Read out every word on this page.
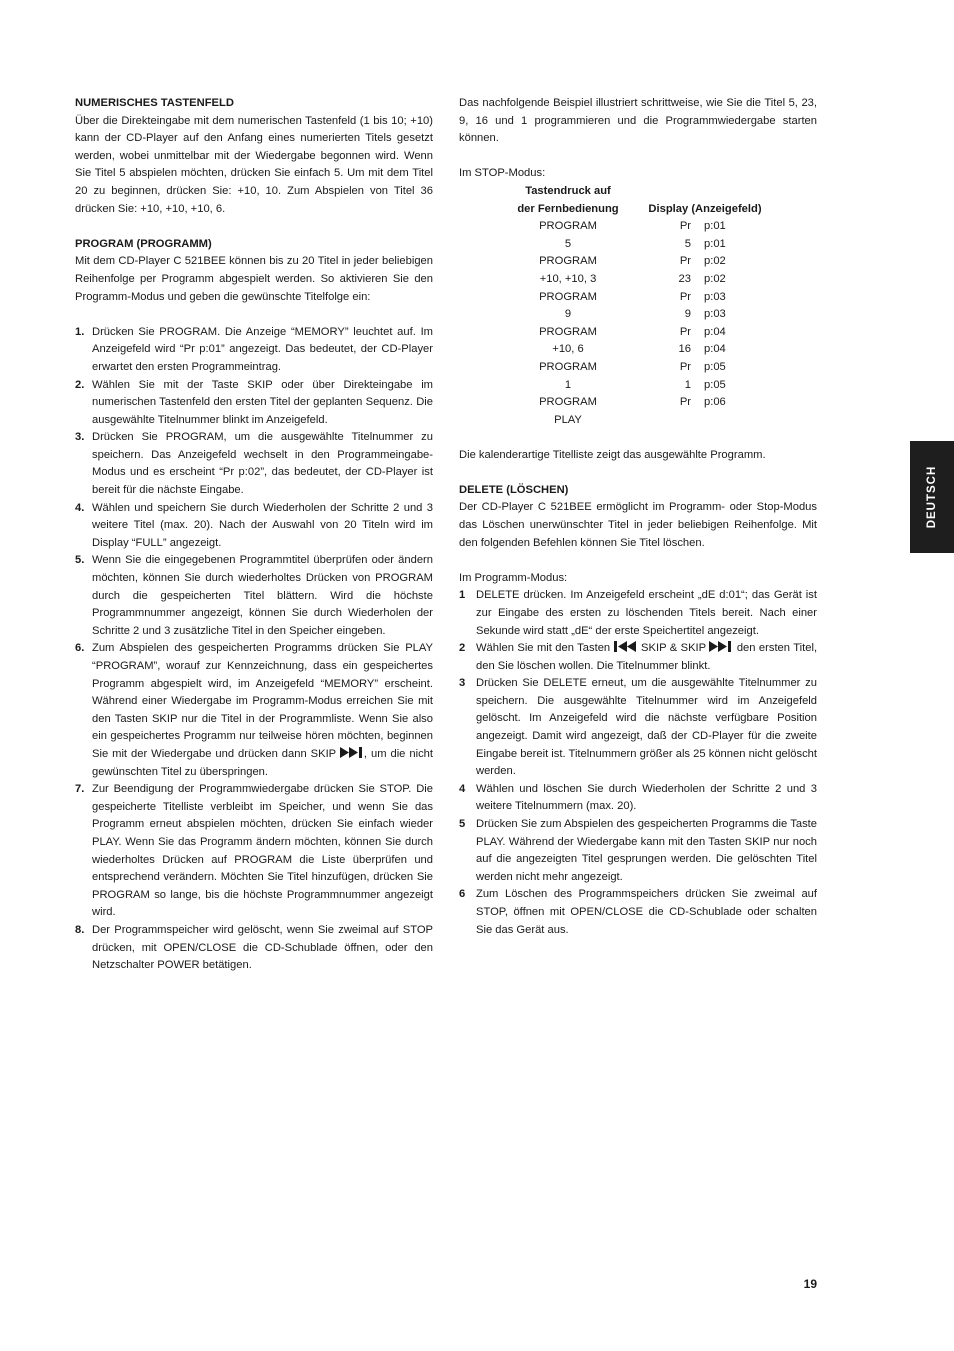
NUMERISCHES TASTENFELD

Über die Direkteingabe mit dem numerischen Tastenfeld (1 bis 10; +10) kann der CD-Player auf den Anfang eines numerierten Titels gesetzt werden, wobei unmittelbar mit der Wiedergabe begonnen wird. Wenn Sie Titel 5 abspielen möchten, drücken Sie einfach 5. Um mit dem Titel 20 zu beginnen, drücken Sie: +10, 10. Zum Abspielen von Titel 36 drücken Sie: +10, +10, +10, 6.

PROGRAM (PROGRAMM)

Mit dem CD-Player C 521BEE können bis zu 20 Titel in jeder beliebigen Reihenfolge per Programm abgespielt werden. So aktivieren Sie den Programm-Modus und geben die gewünschte Titelfolge ein:

1. Drücken Sie PROGRAM. Die Anzeige “MEMORY” leuchtet auf. Im Anzeigefeld wird “Pr p:01” angezeigt. Das bedeutet, der CD-Player erwartet den ersten Programmeintrag.
2. Wählen Sie mit der Taste SKIP oder über Direkteingabe im numerischen Tastenfeld den ersten Titel der geplanten Sequenz. Die ausgewählte Titelnummer blinkt im Anzeigefeld.
3. Drücken Sie PROGRAM, um die ausgewählte Titelnummer zu speichern. Das Anzeigefeld wechselt in den Programmeingabe-Modus und es erscheint “Pr p:02”, das bedeutet, der CD-Player ist bereit für die nächste Eingabe.
4. Wählen und speichern Sie durch Wiederholen der Schritte 2 und 3 weitere Titel (max. 20). Nach der Auswahl von 20 Titeln wird im Display “FULL” angezeigt.
5. Wenn Sie die eingegebenen Programmtitel überprüfen oder ändern möchten, können Sie durch wiederholtes Drücken von PROGRAM durch die gespeicherten Titel blättern. Wird die höchste Programmnummer angezeigt, können Sie durch Wiederholen der Schritte 2 und 3 zusätzliche Titel in den Speicher eingeben.
6. Zum Abspielen des gespeicherten Programms drücken Sie PLAY “PROGRAM”, worauf zur Kennzeichnung, dass ein gespeichertes Programm abgespielt wird, im Anzeigefeld “MEMORY” erscheint. Während einer Wiedergabe im Programm-Modus erreichen Sie mit den Tasten SKIP nur die Titel in der Programmliste. Wenn Sie also ein gespeichertes Programm nur teilweise hören möchten, beginnen Sie mit der Wiedergabe und drücken dann SKIP , um die nicht gewünschten Titel zu überspringen.
7. Zur Beendigung der Programmwiedergabe drücken Sie STOP. Die gespeicherte Titelliste verbleibt im Speicher, und wenn Sie das Programm erneut abspielen möchten, drücken Sie einfach wieder PLAY. Wenn Sie das Programm ändern möchten, können Sie durch wiederholtes Drücken auf PROGRAM die Liste überprüfen und entsprechend verändern. Möchten Sie Titel hinzufügen, drücken Sie PROGRAM so lange, bis die höchste Programmnummer angezeigt wird.
8. Der Programmspeicher wird gelöscht, wenn Sie zweimal auf STOP drücken, mit OPEN/CLOSE die CD-Schublade öffnen, oder den Netzschalter POWER betätigen.

Das nachfolgende Beispiel illustriert schrittweise, wie Sie die Titel 5, 23, 9, 16 und 1 programmieren und die Programmwiedergabe starten können.

Im STOP-Modus:

Tastendruck auf
der Fernbedienung	Display (Anzeigefeld)
PROGRAM	Pr p:01
5	5 p:01
PROGRAM	Pr p:02
+10, +10, 3	23 p:02
PROGRAM	Pr p:03
9	9 p:03
PROGRAM	Pr p:04
+10, 6	16 p:04
PROGRAM	Pr p:05
1	1 p:05
PROGRAM	Pr p:06
PLAY

Die kalenderartige Titelliste zeigt das ausgewählte Programm.

DELETE (LÖSCHEN)

Der CD-Player C 521BEE ermöglicht im Programm- oder Stop-Modus das Löschen unerwünschter Titel in jeder beliebigen Reihenfolge. Mit den folgenden Befehlen können Sie Titel löschen.

Im Programm-Modus:

1 DELETE drücken. Im Anzeigefeld erscheint „dE d:01“; das Gerät ist zur Eingabe des ersten zu löschenden Titels bereit. Nach einer Sekunde wird statt „dE“ der erste Speichertitel angezeigt.
2 Wählen Sie mit den Tasten	SKIP & SKIP	den ersten Titel, den Sie löschen wollen. Die Titelnummer blinkt.
3 Drücken Sie DELETE erneut, um die ausgewählte Titelnummer zu speichern. Die ausgewählte Titelnummer wird im Anzeigefeld gelöscht. Im Anzeigefeld wird die nächste verfügbare Position angezeigt. Damit wird angezeigt, daß der CD-Player für die zweite Eingabe bereit ist. Titelnummern größer als 25 können nicht gelöscht werden.
4 Wählen und löschen Sie durch Wiederholen der Schritte 2 und 3 weitere Titelnummern (max. 20).
5 Drücken Sie zum Abspielen des gespeicherten Programms die Taste PLAY. Während der Wiedergabe kann mit den Tasten SKIP nur noch auf die angezeigten Titel gesprungen werden. Die gelöschten Titel werden nicht mehr angezeigt.
6 Zum Löschen des Programmspeichers drücken Sie zweimal auf STOP, öffnen mit OPEN/CLOSE die CD-Schublade oder schalten Sie das Gerät aus.
DEUTSCH
19
